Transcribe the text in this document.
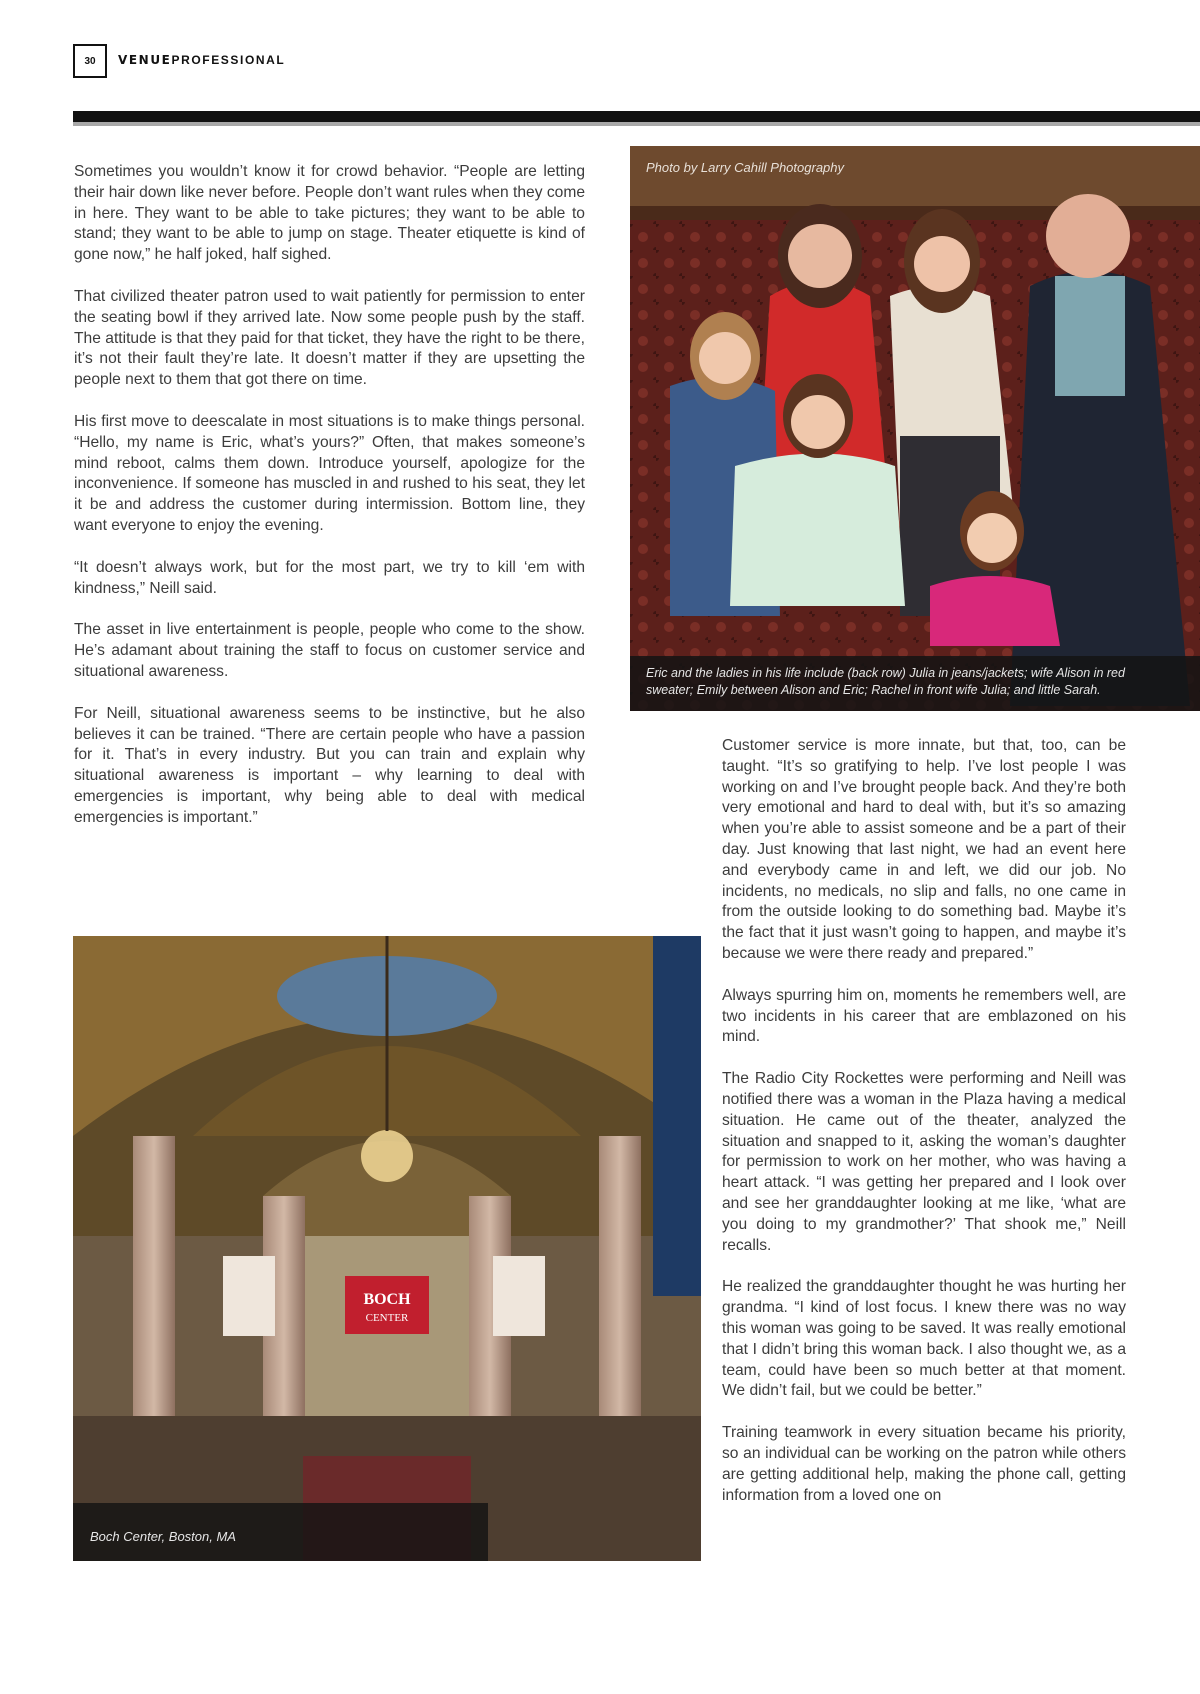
30	VENUEPROFESSIONAL

Sometimes you wouldn’t know it for crowd behavior. “People are letting their hair down like never before. People don’t want rules when they come in here. They want to be able to take pictures; they want to be able to stand; they want to be able to jump on stage. Theater etiquette is kind of gone now,” he half joked, half sighed.

That civilized theater patron used to wait patiently for permission to enter the seating bowl if they arrived late. Now some people push by the staff. The attitude is that they paid for that ticket, they have the right to be there, it’s not their fault they’re late. It doesn’t matter if they are upsetting the people next to them that got there on time.

His first move to deescalate in most situations is to make things personal. “Hello, my name is Eric, what’s yours?” Often, that makes someone’s mind reboot, calms them down. Introduce yourself, apologize for the inconvenience. If someone has muscled in and rushed to his seat, they let it be and address the customer during intermission. Bottom line, they want everyone to enjoy the evening.

“It doesn’t always work, but for the most part, we try to kill ‘em with kindness,” Neill said.

The asset in live entertainment is people, people who come to the show. He’s adamant about training the staff to focus on customer service and situational awareness.

For Neill, situational awareness seems to be instinctive, but he also believes it can be trained. “There are certain people who have a passion for it. That’s in every industry. But you can train and explain why situational awareness is important – why learning to deal with emergencies is important, why being able to deal with medical emergencies is important.”

Photo by Larry Cahill Photography
Eric and the ladies in his life include (back row) Julia in jeans/jackets; wife Alison in red sweater; Emily between Alison and Eric; Rachel in front wife Julia; and little Sarah.

Customer service is more innate, but that, too, can be taught. “It’s so gratifying to help. I’ve lost people I was working on and I’ve brought people back. And they’re both very emotional and hard to deal with, but it’s so amazing when you’re able to assist someone and be a part of their day. Just knowing that last night, we had an event here and everybody came in and left, we did our job. No incidents, no medicals, no slip and falls, no one came in from the outside looking to do something bad. Maybe it’s the fact that it just wasn’t going to happen, and maybe it’s because we were there ready and prepared.”

Always spurring him on, moments he remembers well, are two incidents in his career that are emblazoned on his mind.

The Radio City Rockettes were performing and Neill was notified there was a woman in the Plaza having a medical situation. He came out of the theater, analyzed the situation and snapped to it, asking the woman’s daughter for permission to work on her mother, who was having a heart attack. “I was getting her prepared and I look over and see her granddaughter looking at me like, ‘what are you doing to my grandmother?’ That shook me,” Neill recalls.

He realized the granddaughter thought he was hurting her grandma. “I kind of lost focus. I knew there was no way this woman was going to be saved. It was really emotional that I didn’t bring this woman back. I also thought we, as a team, could have been so much better at that moment. We didn’t fail, but we could be better.”

Training teamwork in every situation became his priority, so an individual can be working on the patron while others are getting additional help, making the phone call, getting information from a loved one on

BOCH
CENTER
Boch Center, Boston, MA
